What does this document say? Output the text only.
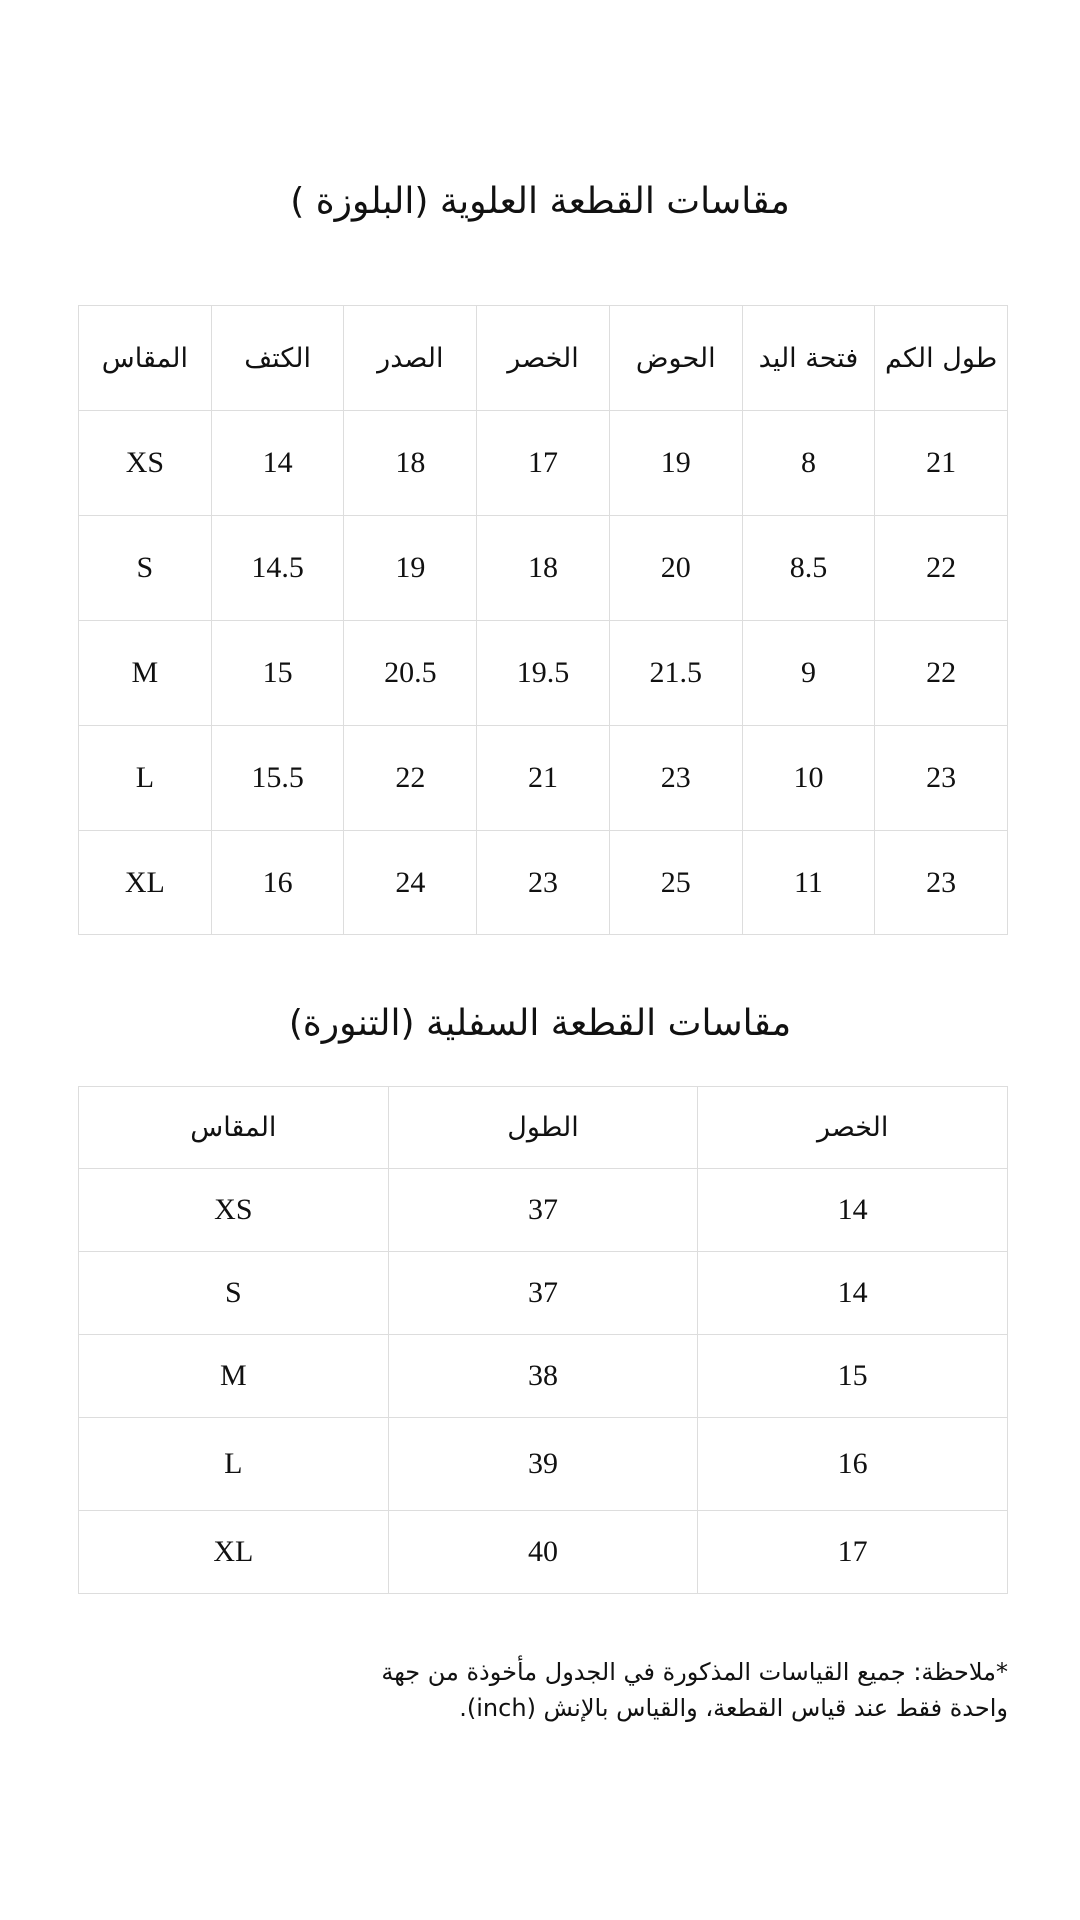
مقاسات القطعة العلوية (البلوزة )
طول الكم	فتحة اليد	الحوض	الخصر	الصدر	الكتف	المقاس
21	8	19	17	18	14	XS
22	8.5	20	18	19	14.5	S
22	9	21.5	19.5	20.5	15	M
23	10	23	21	22	15.5	L
23	11	25	23	24	16	XL
مقاسات القطعة السفلية (التنورة)
الخصر	الطول	المقاس
14	37	XS
14	37	S
15	38	M
16	39	L
17	40	XL

*ملاحظة: جميع القياسات المذكورة في الجدول مأخوذة من جهة واحدة فقط عند قياس القطعة، والقياس بالإنش (inch).
